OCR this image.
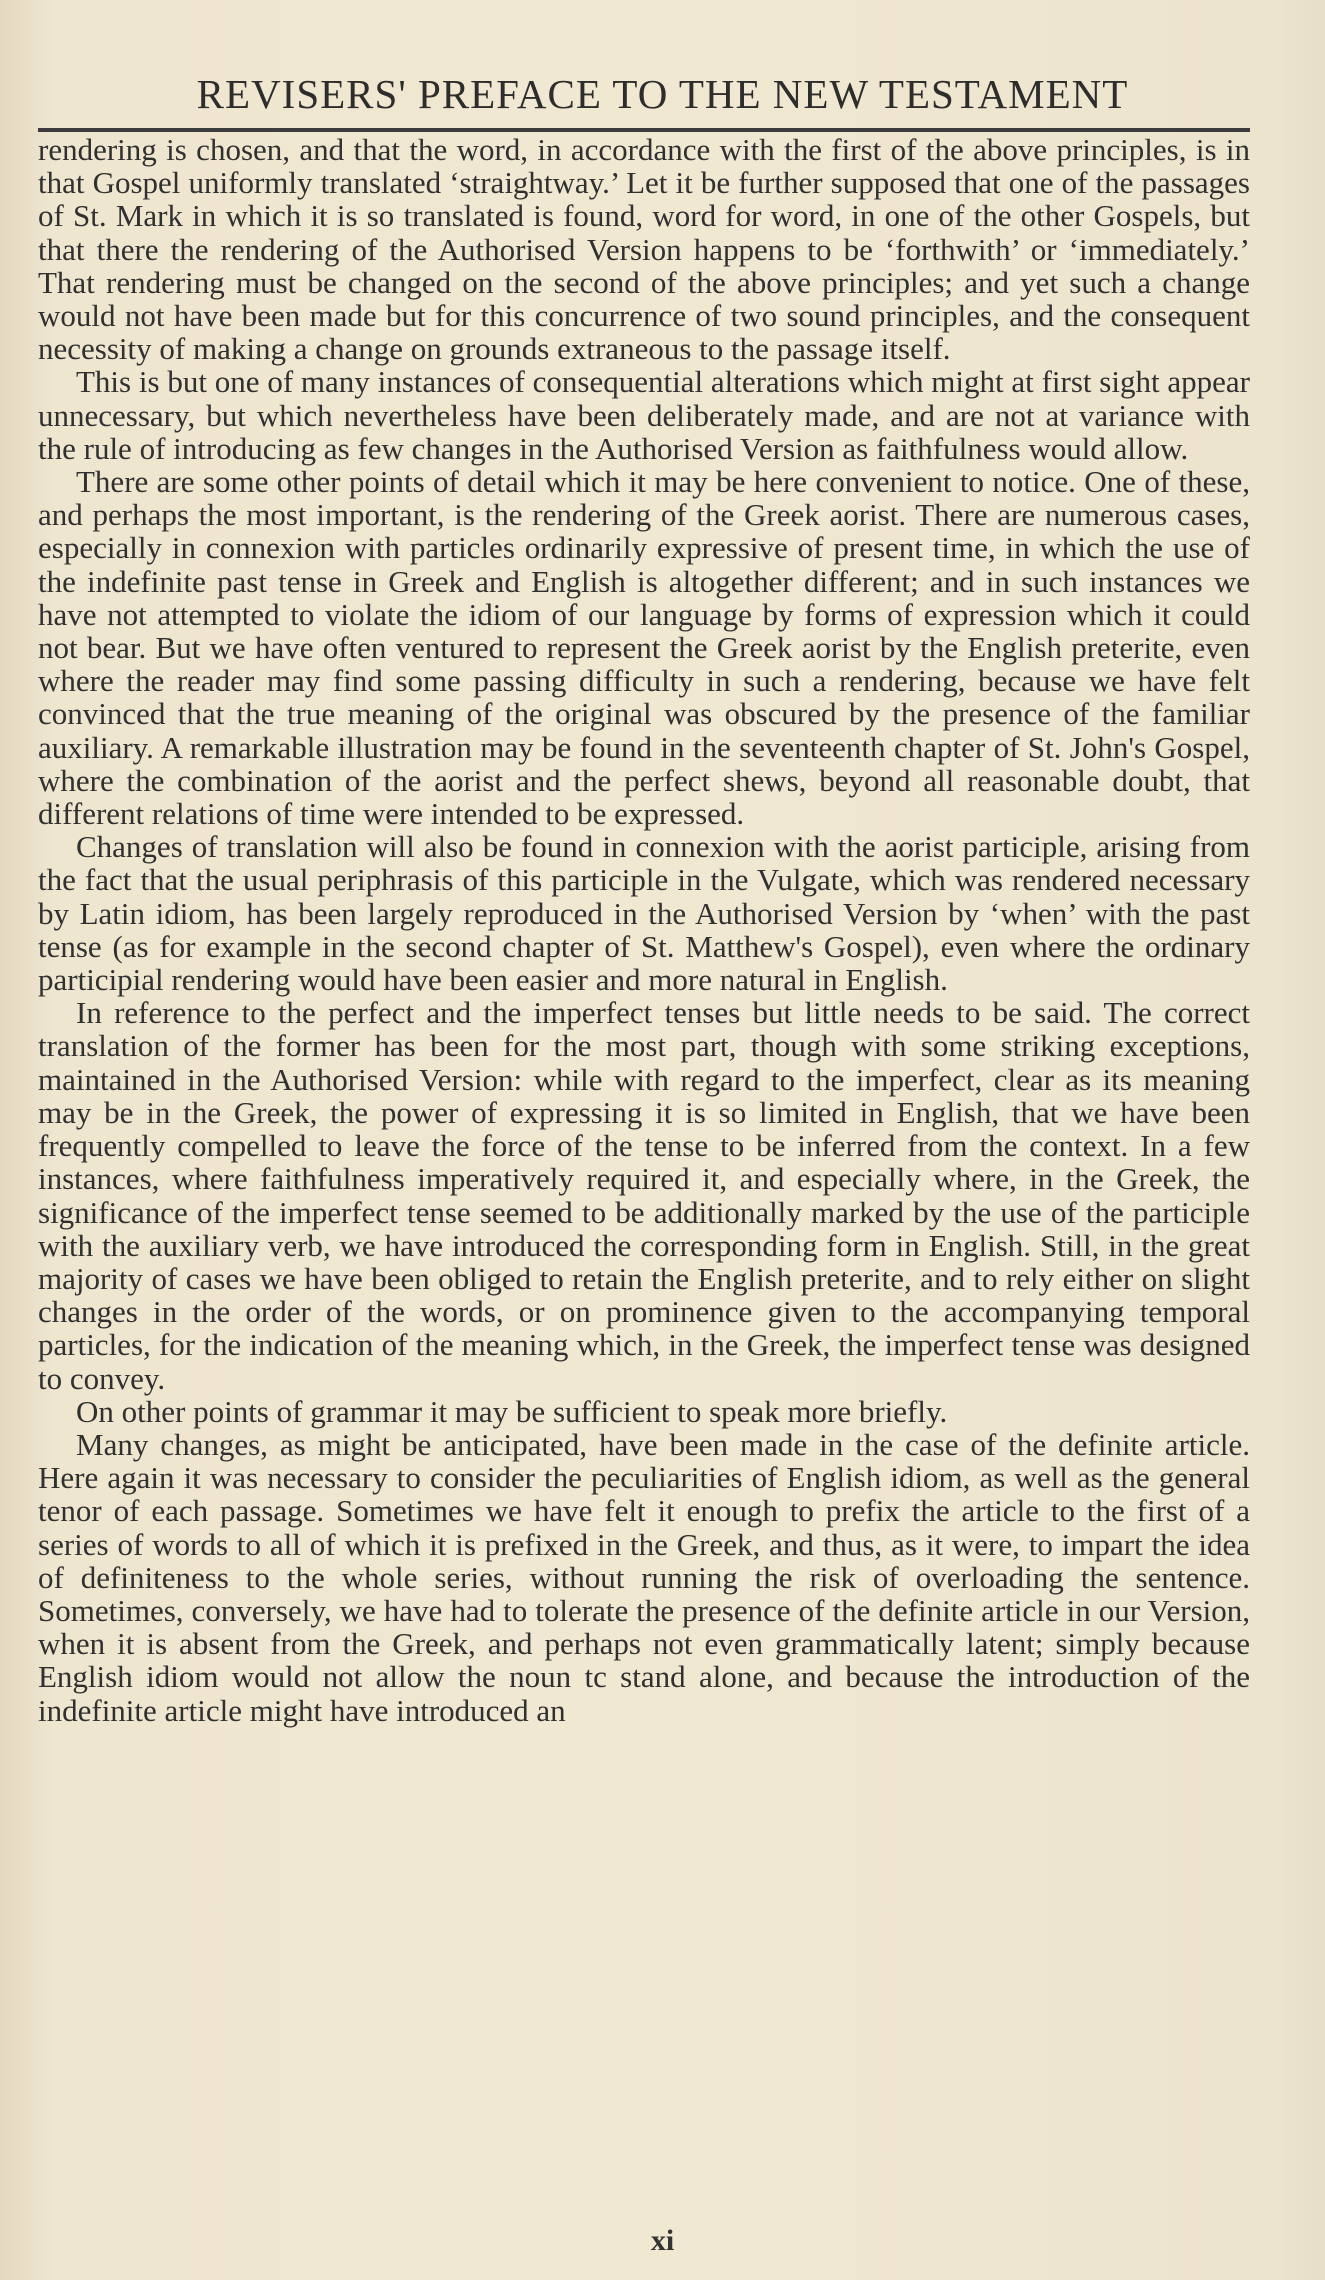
REVISERS' PREFACE TO THE NEW TESTAMENT

rendering is chosen, and that the word, in accordance with the first of the above principles, is in that Gospel uniformly translated ‘straightway.’ Let it be further supposed that one of the passages of St. Mark in which it is so translated is found, word for word, in one of the other Gospels, but that there the rendering of the Authorised Version happens to be ‘forthwith’ or ‘immediately.’ That rendering must be changed on the second of the above principles; and yet such a change would not have been made but for this concurrence of two sound principles, and the consequent necessity of making a change on grounds extraneous to the passage itself.

This is but one of many instances of consequential alterations which might at first sight appear unnecessary, but which nevertheless have been deliberately made, and are not at variance with the rule of introducing as few changes in the Authorised Version as faithfulness would allow.

There are some other points of detail which it may be here convenient to notice. One of these, and perhaps the most important, is the rendering of the Greek aorist. There are numerous cases, especially in connexion with particles ordinarily expressive of present time, in which the use of the indefinite past tense in Greek and English is altogether different; and in such instances we have not attempted to violate the idiom of our language by forms of expression which it could not bear. But we have often ventured to represent the Greek aorist by the English preterite, even where the reader may find some passing difficulty in such a rendering, because we have felt convinced that the true meaning of the original was obscured by the presence of the familiar auxiliary. A remarkable illustration may be found in the seventeenth chapter of St. John's Gospel, where the combination of the aorist and the perfect shews, beyond all reasonable doubt, that different relations of time were intended to be expressed.

Changes of translation will also be found in connexion with the aorist participle, arising from the fact that the usual periphrasis of this participle in the Vulgate, which was rendered necessary by Latin idiom, has been largely reproduced in the Authorised Version by ‘when’ with the past tense (as for example in the second chapter of St. Matthew's Gospel), even where the ordinary participial rendering would have been easier and more natural in English.

In reference to the perfect and the imperfect tenses but little needs to be said. The correct translation of the former has been for the most part, though with some striking exceptions, maintained in the Authorised Version: while with regard to the imperfect, clear as its meaning may be in the Greek, the power of expressing it is so limited in English, that we have been frequently compelled to leave the force of the tense to be inferred from the context. In a few instances, where faithfulness imperatively required it, and especially where, in the Greek, the significance of the imperfect tense seemed to be additionally marked by the use of the participle with the auxiliary verb, we have introduced the corresponding form in English. Still, in the great majority of cases we have been obliged to retain the English preterite, and to rely either on slight changes in the order of the words, or on prominence given to the accompanying temporal particles, for the indication of the meaning which, in the Greek, the imperfect tense was designed to convey.

On other points of grammar it may be sufficient to speak more briefly.

Many changes, as might be anticipated, have been made in the case of the definite article. Here again it was necessary to consider the peculiarities of English idiom, as well as the general tenor of each passage. Sometimes we have felt it enough to prefix the article to the first of a series of words to all of which it is prefixed in the Greek, and thus, as it were, to impart the idea of definiteness to the whole series, without running the risk of overloading the sentence. Sometimes, conversely, we have had to tolerate the presence of the definite article in our Version, when it is absent from the Greek, and perhaps not even grammatically latent; simply because English idiom would not allow the noun tc stand alone, and because the introduction of the indefinite article might have introduced an

xi
